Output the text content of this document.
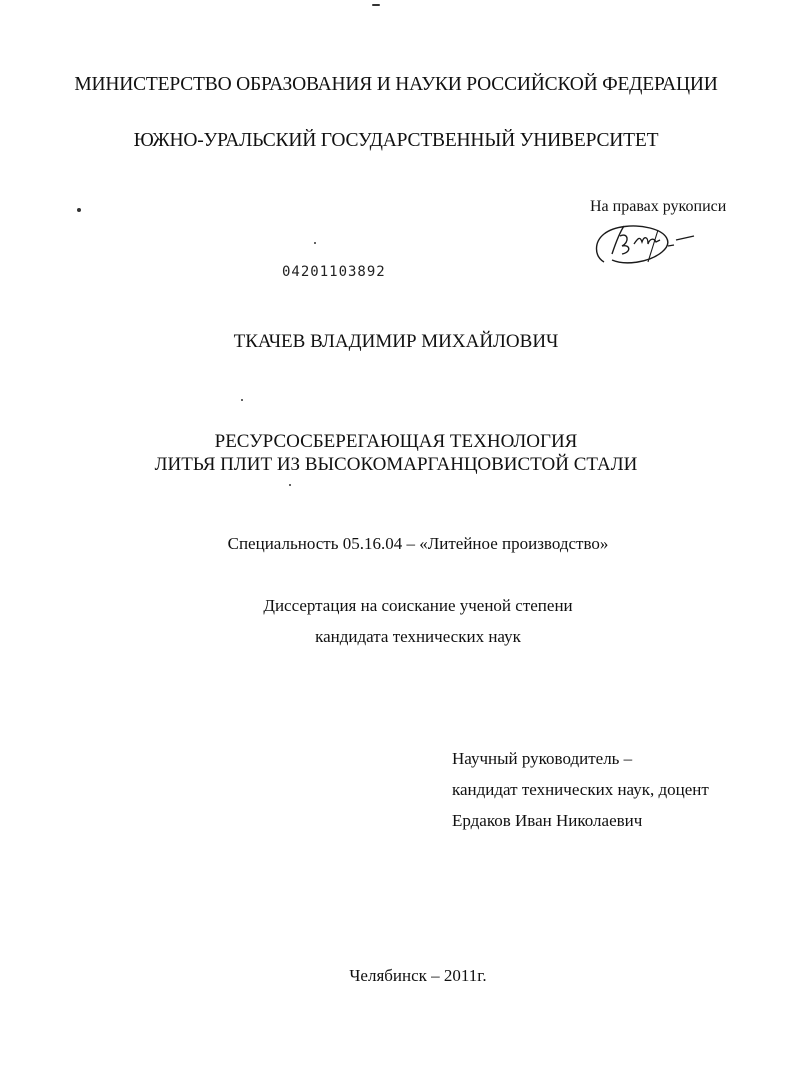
МИНИСТЕРСТВО ОБРАЗОВАНИЯ И НАУКИ РОССИЙСКОЙ ФЕДЕРАЦИИ

ЮЖНО-УРАЛЬСКИЙ ГОСУДАРСТВЕННЫЙ УНИВЕРСИТЕТ

На правах рукописи

04201103892

ТКАЧЕВ ВЛАДИМИР МИХАЙЛОВИЧ

РЕСУРСОСБЕРЕГАЮЩАЯ ТЕХНОЛОГИЯ

ЛИТЬЯ ПЛИТ ИЗ ВЫСОКОМАРГАНЦОВИСТОЙ СТАЛИ

Специальность 05.16.04 – «Литейное производство»

Диссертация на соискание ученой степени

кандидата технических наук

Научный руководитель –

кандидат технических наук, доцент

Ердаков Иван Николаевич

Челябинск – 2011г.
